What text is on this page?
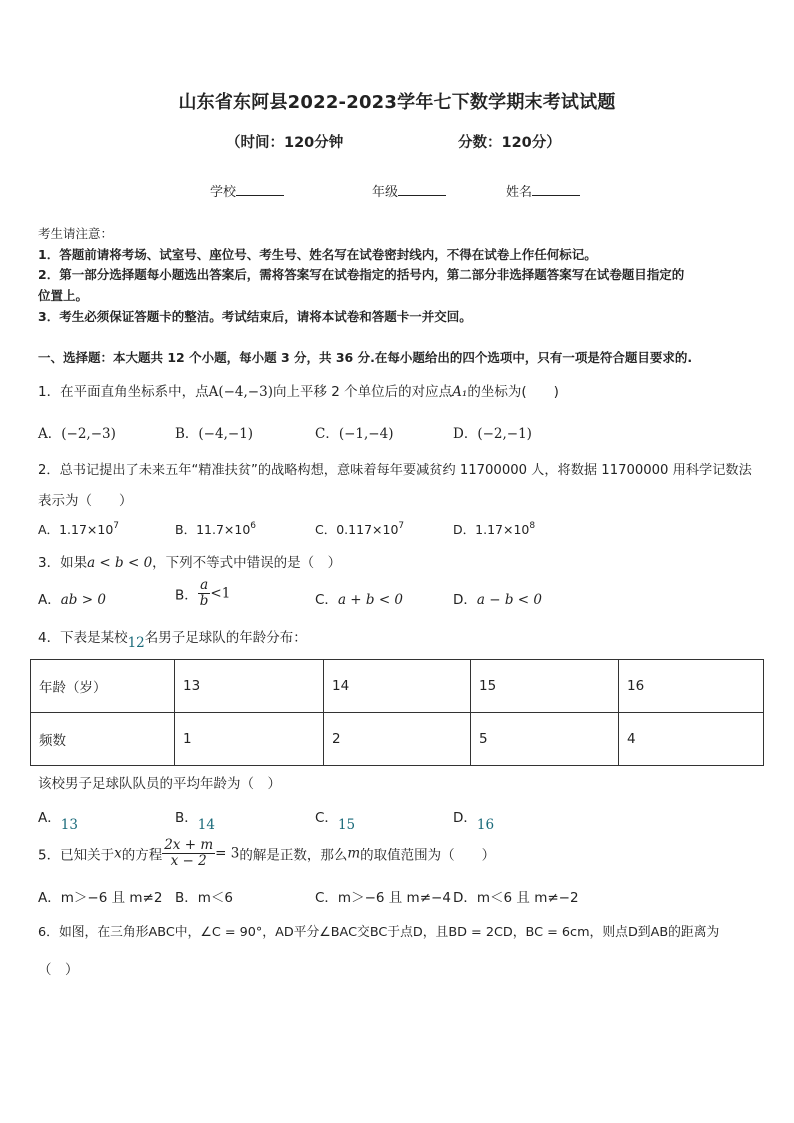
山东省东阿县2022-2023学年七下数学期末考试试题
（时间：120分钟	分数：120分）
学校	年级	姓名
考生请注意：
1．答题前请将考场、试室号、座位号、考生号、姓名写在试卷密封线内，不得在试卷上作任何标记。
2．第一部分选择题每小题选出答案后，需将答案写在试卷指定的括号内，第二部分非选择题答案写在试卷题目指定的
位置上。
3．考生必须保证答题卡的整洁。考试结束后，请将本试卷和答题卡一并交回。
一、选择题：本大题共 12 个小题，每小题 3 分，共 36 分.在每小题给出的四个选项中，只有一项是符合题目要求的.
1．在平面直角坐标系中，点A(−4,−3)向上平移 2 个单位后的对应点A₁的坐标为(　　)
A．(−2,−3)	B．(−4,−1)	C．(−1,−4)	D．(−2,−1)
2．总书记提出了未来五年“精准扶贫”的战略构想，意味着每年要减贫约 11700000 人，将数据 11700000 用科学记数法
表示为（　　）
A．$1.17\times 10^7$	B．$11.7\times 10^6$	C．$0.117\times 10^7$	D．$1.17\times 10^8$
3．如果a < b < 0，下列不等式中错误的是（　）
A．ab > 0	B． $\frac{a}{b} <1$	C．a + b < 0	D．a − b < 0
4．下表是某校12名男子足球队的年龄分布：
年龄（岁）	13	14	15	16
频数	1	2	5	4
该校男子足球队队员的平均年龄为（　）
A．13	B．14	C．15	D．16
5．已知关于x的方程 $\frac{2x + m}{x - 2} = 3$的解是正数，那么m的取值范围为（　　）
A．m＞−6 且 m≠2 B．m＜6	C．m＞−6 且 m≠−4 D．m＜6 且 m≠−2
6．如图，在三角形ABC中，∠C = 90°，AD平分∠BAC交BC于点D，且BD = 2CD，BC = 6cm，则点D到AB的距离为
（　）
